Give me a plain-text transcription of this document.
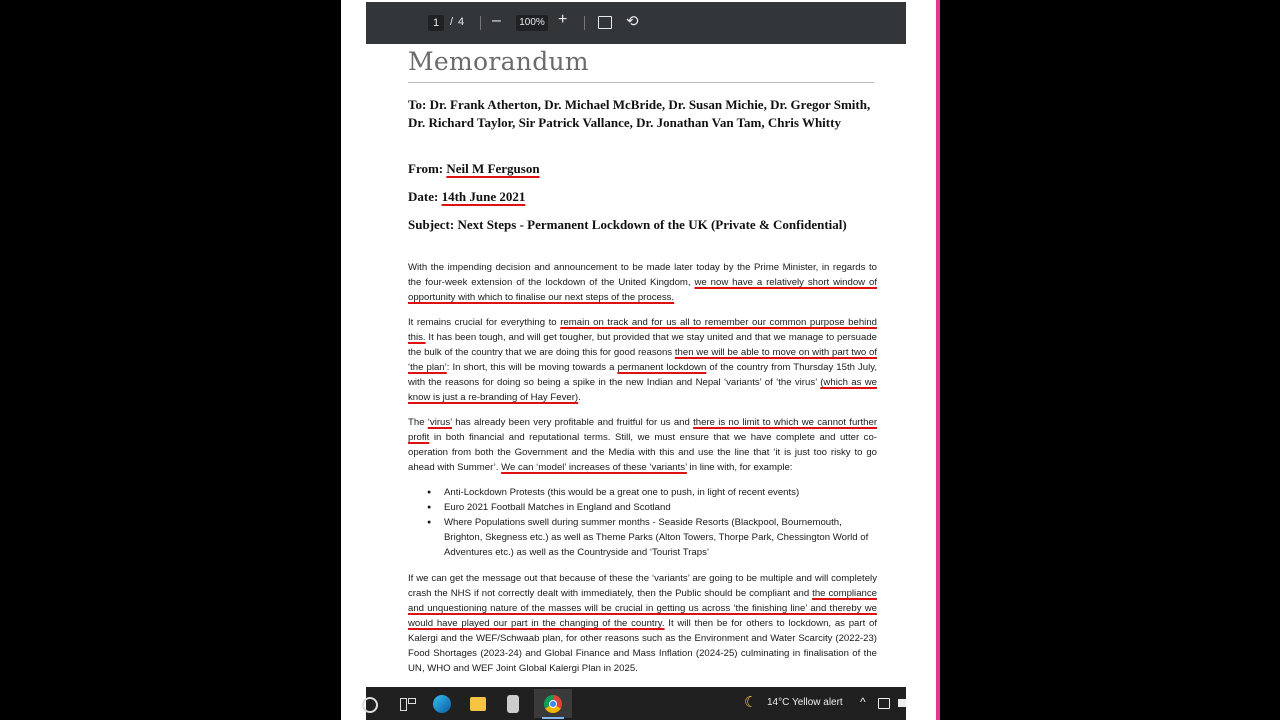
1 / 4 –	100% +	⟲
Memorandum
To: Dr. Frank Atherton, Dr. Michael McBride, Dr. Susan Michie, Dr. Gregor Smith, Dr. Richard Taylor, Sir Patrick Vallance, Dr. Jonathan Van Tam, Chris Whitty
From: Neil M Ferguson
Date: 14th June 2021
Subject: Next Steps - Permanent Lockdown of the UK (Private & Confidential)

With the impending decision and announcement to be made later today by the Prime Minister, in regards to the four-week extension of the lockdown of the United Kingdom, we now have a relatively short window of opportunity with which to finalise our next steps of the process.

It remains crucial for everything to remain on track and for us all to remember our common purpose behind this. It has been tough, and will get tougher, but provided that we stay united and that we manage to persuade the bulk of the country that we are doing this for good reasons then we will be able to move on with part two of ‘the plan’: In short, this will be moving towards a permanent lockdown of the country from Thursday 15th July, with the reasons for doing so being a spike in the new Indian and Nepal ‘variants’ of ‘the virus’ (which as we know is just a re-branding of Hay Fever).

The ‘virus’ has already been very profitable and fruitful for us and there is no limit to which we cannot further profit in both financial and reputational terms. Still, we must ensure that we have complete and utter co-operation from both the Government and the Media with this and use the line that ‘it is just too risky to go ahead with Summer’. We can ‘model’ increases of these ‘variants’ in line with, for example:

● Anti-Lockdown Protests (this would be a great one to push, in light of recent events)
● Euro 2021 Football Matches in England and Scotland
● Where Populations swell during summer months - Seaside Resorts (Blackpool, Bournemouth, Brighton, Skegness etc.) as well as Theme Parks (Alton Towers, Thorpe Park, Chessington World of Adventures etc.) as well as the Countryside and ‘Tourist Traps’

If we can get the message out that because of these the ‘variants’ are going to be multiple and will completely crash the NHS if not correctly dealt with immediately, then the Public should be compliant and the compliance and unquestioning nature of the masses will be crucial in getting us across ‘the finishing line’ and thereby we would have played our part in the changing of the country. It will then be for others to lockdown, as part of Kalergi and the WEF/Schwaab plan, for other reasons such as the Environment and Water Scarcity (2022-23) Food Shortages (2023-24) and Global Finance and Mass Inflation (2024-25) culminating in finalisation of the UN, WHO and WEF Joint Global Kalergi Plan in 2025.

☾ 14°C Yellow alert ^
